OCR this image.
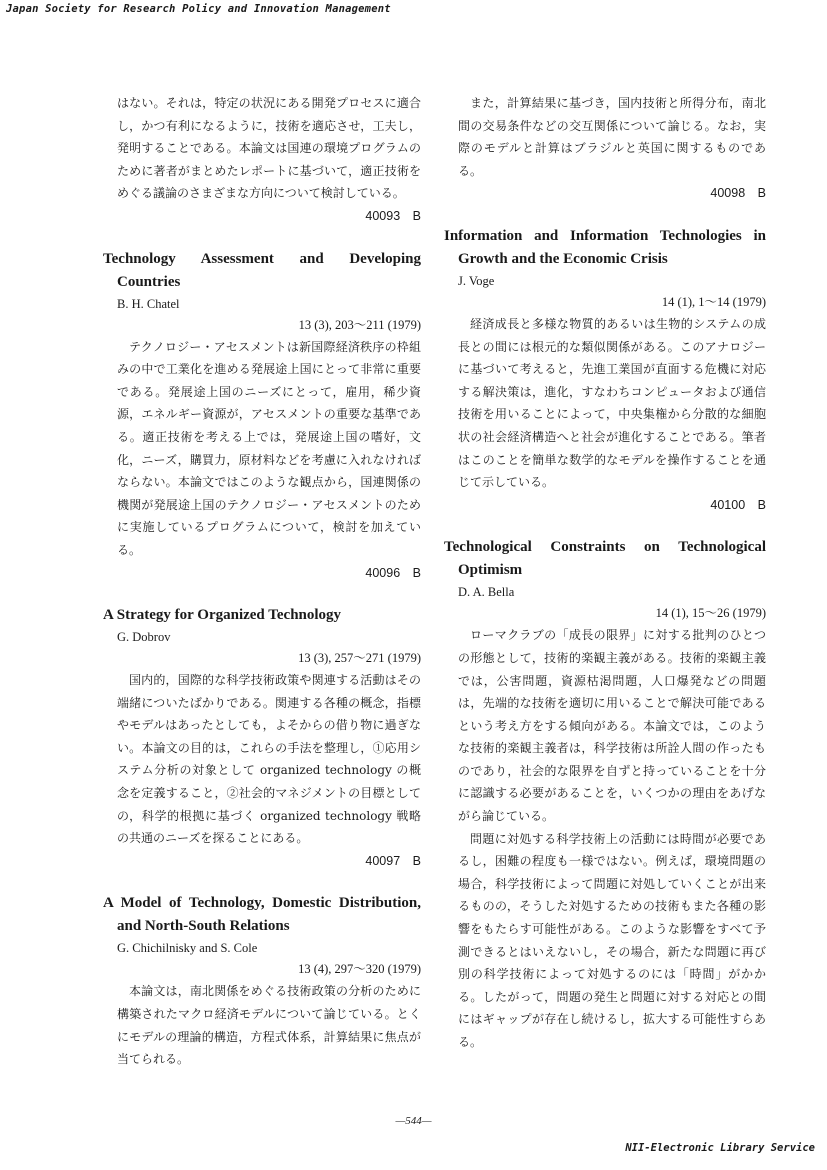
Japan Society for Research Policy and Innovation Management
はない。それは，特定の状況にある開発プロセスに適合し，かつ有利になるように，技術を適応させ，工夫し，発明することである。本論文は国連の環境プログラムのために著者がまとめたレポートに基づいて，適正技術をめぐる議論のさまざまな方向について検討している。
40093　B
Technology Assessment and Developing Countries
B. H. Chatel
13 (3), 203～211 (1979)
テクノロジー・アセスメントは新国際経済秩序の枠組みの中で工業化を進める発展途上国にとって非常に重要である。発展途上国のニーズにとって，雇用，稀少資源，エネルギー資源が，アセスメントの重要な基準である。適正技術を考える上では，発展途上国の嗜好，文化，ニーズ，購買力，原材料などを考慮に入れなければならない。本論文ではこのような観点から，国連関係の機関が発展途上国のテクノロジー・アセスメントのために実施しているプログラムについて，検討を加えている。
40096　B
A Strategy for Organized Technology
G. Dobrov
13 (3), 257～271 (1979)
国内的，国際的な科学技術政策や関連する活動はその端緒についたばかりである。関連する各種の概念，指標やモデルはあったとしても，よそからの借り物に過ぎない。本論文の目的は，これらの手法を整理し，①応用システム分析の対象として organized technology の概念を定義すること，②社会的マネジメントの目標としての，科学的根拠に基づく organized technology 戦略の共通のニーズを探ることにある。
40097　B
A Model of Technology, Domestic Distribution, and North-South Relations
G. Chichilnisky and S. Cole
13 (4), 297～320 (1979)
本論文は，南北関係をめぐる技術政策の分析のために構築されたマクロ経済モデルについて論じている。とくにモデルの理論的構造，方程式体系，計算結果に焦点が当てられる。
また，計算結果に基づき，国内技術と所得分布，南北間の交易条件などの交互関係について論じる。なお，実際のモデルと計算はブラジルと英国に関するものである。
40098　B
Information and Information Technologies in Growth and the Economic Crisis
J. Voge
14 (1), 1～14 (1979)
経済成長と多様な物質的あるいは生物的システムの成長との間には根元的な類似関係がある。このアナロジーに基づいて考えると，先進工業国が直面する危機に対応する解決策は，進化，すなわちコンピュータおよび通信技術を用いることによって，中央集権から分散的な細胞状の社会経済構造へと社会が進化することである。筆者はこのことを簡単な数学的なモデルを操作することを通じて示している。
40100　B
Technological Constraints on Technological Optimism
D. A. Bella
14 (1), 15～26 (1979)
ローマクラブの「成長の限界」に対する批判のひとつの形態として，技術的楽観主義がある。技術的楽観主義では，公害問題，資源枯渇問題，人口爆発などの問題は，先端的な技術を適切に用いることで解決可能であるという考え方をする傾向がある。本論文では，このような技術的楽観主義者は，科学技術は所詮人間の作ったものであり，社会的な限界を自ずと持っていることを十分に認識する必要があることを，いくつかの理由をあげながら論じている。
問題に対処する科学技術上の活動には時間が必要であるし，困難の程度も一様ではない。例えば，環境問題の場合，科学技術によって問題に対処していくことが出来るものの，そうした対処するための技術もまた各種の影響をもたらす可能性がある。このような影響をすべて予測できるとはいえないし，その場合，新たな問題に再び別の科学技術によって対処するのには「時間」がかかる。したがって，問題の発生と問題に対する対応との間にはギャップが存在し続けるし，拡大する可能性すらある。
—544—
NII-Electronic Library Service
